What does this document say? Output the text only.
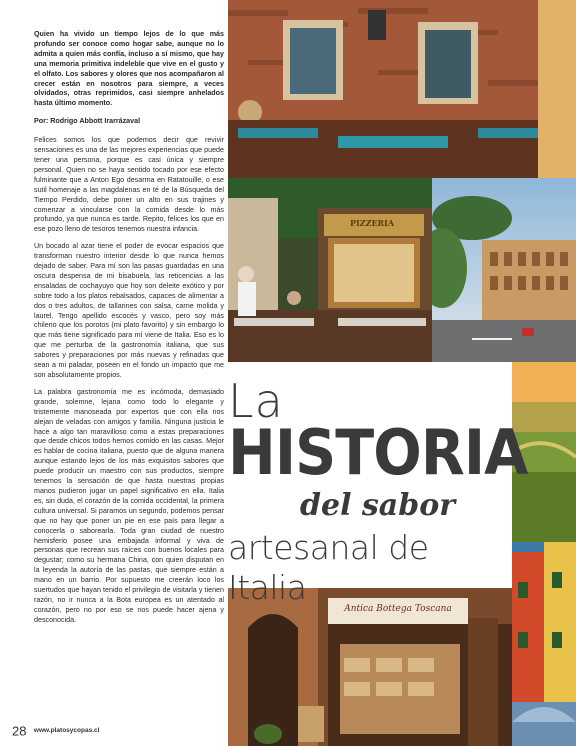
Quien ha vivido un tiempo lejos de lo que más profundo ser conoce como hogar sabe, aunque no lo admita a quien más confía, incluso a sí mismo, que hay una memoria primitiva indeleble que vive en el gusto y el olfato. Los sabores y olores que nos acompañaron al crecer están en nosotros para siempre, a veces olvidados, otras reprimidos, casi siempre anhelados hasta último momento.

Por: Rodrigo Abbott Irarrázaval

Felices somos los que podemos decir que revivir sensaciones es una de las mejores experiencias que puede tener una persona, porque es casi única y siempre personal. Quien no se haya sentido tocado por ese efecto fulminante que a Anton Ego desarma en Ratatouille, o ese sutil homenaje a las magdalenas en té de la Búsqueda del Tiempo Perdido, debe poner un alto en sus trajines y comenzar a vincularse con la comida desde lo más profundo, ya que nunca es tarde. Repito, felices los que en ese pozo lleno de tesoros tenemos nuestra infancia.

Un bocado al azar tiene el poder de evocar espacios que transforman nuestro interior desde lo que nunca hemos dejado de saber. Para mí son las pasas guardadas en una oscura despensa de mi bisabuela, las reticencias a las ensaladas de cochayuyo que hoy son deleite exótico y por sobre todo a los platos rebalsados, capaces de alimentar a dos o tres adultos, de tallarines con salsa, carne molida y laurel. Tengo apellido escocés y vasco, pero soy más chileno que los porotos (mi plato favorito) y sin embargo lo que más tiene significado para mí viene de Italia. Eso es lo que me perturba de la gastronomía italiana, que sus sabores y preparaciones por más nuevas y refinadas que sean a mi paladar, poseen en el fondo un impacto que me son absolutamente propios.

La palabra gastronomía me es incómoda, demasiado grande, solemne, lejana como todo lo elegante y tristemente manoseada por expertos que con ella nos alejan de veladas con amigos y familia. Ninguna justicia le hace a algo tan maravilloso como a estas preparaciones que desde chicos todos hemos comido en las casas. Mejor es hablar de cocina italiana, puesto que de alguna manera aunque estando lejos de los más exquisitos sabores que puede producir un maestro con sus productos, siempre tenemos la sensación de que hasta nuestras propias manos pudieron jugar un papel significativo en ella. Italia es, sin duda, el corazón de la comida occidental, la primera cultura universal. Si paramos un segundo, podemos pensar que no hay que poner un pie en ese país para llegar a conocerla o saborearla. Toda gran ciudad de nuestro hemisferio posee una embajada informal y viva de personas que recrean sus raíces con buenos locales para degustar; como su hermana China, con quien disputan en la leyenda la autoría de las pastas, que siempre están a mano en un barrio. Por supuesto me creerán loco los suertudos que hayan tenido el privilegio de visitarla y tienen razón, no ir nunca a la Bota europea es un atentado al corazón, pero no por eso se nos puede hacer ajena y desconocida.

PIZZERIA
Antica Bottega Toscana
La
HISTORIA
del sabor
artesanal de Italia
28 www.platosycopas.cl
